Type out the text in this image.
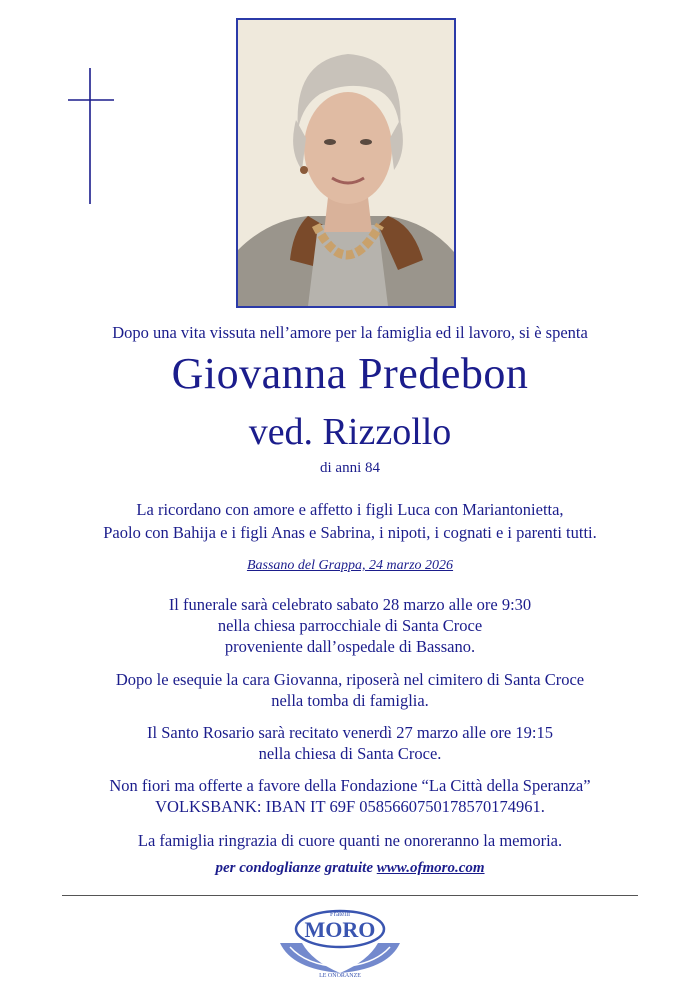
Dopo una vita vissuta nell’amore per la famiglia ed il lavoro, si è spenta
Giovanna Predebon
ved. Rizzollo
di anni 84
La ricordano con amore e affetto i figli Luca con Mariantonietta,
Paolo con Bahija e i figli Anas e Sabrina, i nipoti, i cognati e i parenti tutti.
Bassano del Grappa, 24 marzo 2026
Il funerale sarà celebrato sabato 28 marzo alle ore 9:30
nella chiesa parrocchiale di Santa Croce
proveniente dall’ospedale di Bassano.
Dopo le esequie la cara Giovanna, riposerà nel cimitero di Santa Croce
nella tomba di famiglia.
Il Santo Rosario sarà recitato venerdì 27 marzo alle ore 19:15
nella chiesa di Santa Croce.
Non fiori ma offerte a favore della Fondazione “La Città della Speranza”
VOLKSBANK: IBAN IT 69F 0585660750178570174961.
La famiglia ringrazia di cuore quanti ne onoreranno la memoria.
per condoglianze gratuite www.ofmoro.com
Fratelli
MORO
LE ONORANZE
